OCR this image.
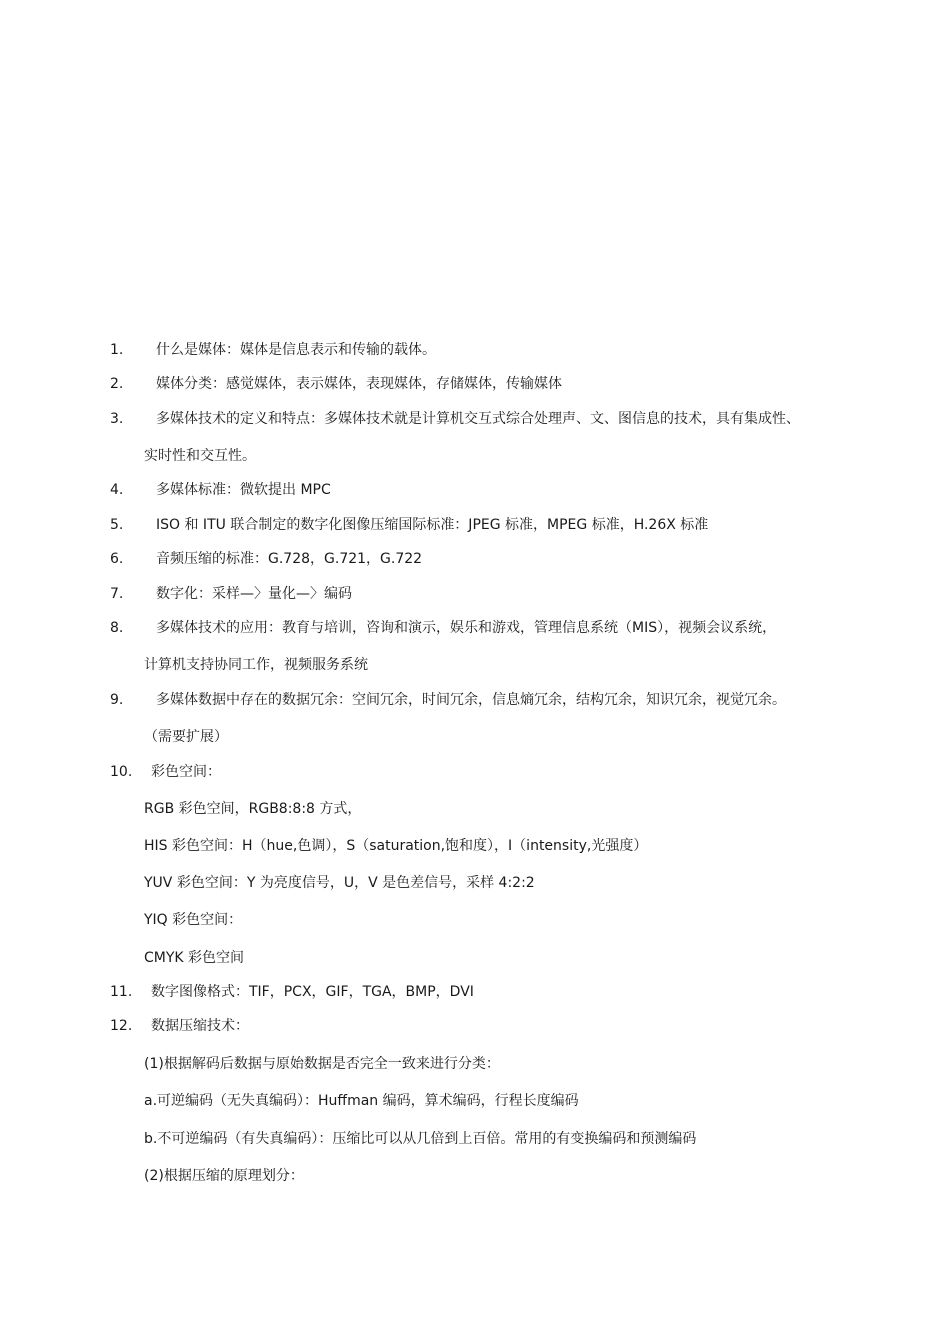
1. 什么是媒体：媒体是信息表示和传输的载体。
2. 媒体分类：感觉媒体，表示媒体，表现媒体，存储媒体，传输媒体
3. 多媒体技术的定义和特点：多媒体技术就是计算机交互式综合处理声、文、图信息的技术，具有集成性、
实时性和交互性。
4. 多媒体标准：微软提出 MPC
5. ISO 和 ITU 联合制定的数字化图像压缩国际标准：JPEG 标准，MPEG 标准，H.26X 标准
6. 音频压缩的标准：G.728，G.721，G.722
7. 数字化：采样—〉量化—〉编码
8. 多媒体技术的应用：教育与培训，咨询和演示，娱乐和游戏，管理信息系统（MIS），视频会议系统，
计算机支持协同工作，视频服务系统
9. 多媒体数据中存在的数据冗余：空间冗余，时间冗余，信息熵冗余，结构冗余，知识冗余，视觉冗余。
（需要扩展）
10. 彩色空间：
RGB 彩色空间，RGB8:8:8 方式，
HIS 彩色空间：H（hue,色调），S（saturation,饱和度），I（intensity,光强度）
YUV 彩色空间：Y 为亮度信号，U，V 是色差信号，采样 4:2:2
YIQ 彩色空间：
CMYK 彩色空间
11. 数字图像格式：TIF，PCX，GIF，TGA，BMP，DVI
12. 数据压缩技术：
(1)根据解码后数据与原始数据是否完全一致来进行分类：
a.可逆编码（无失真编码）：Huffman 编码，算术编码，行程长度编码
b.不可逆编码（有失真编码）：压缩比可以从几倍到上百倍。常用的有变换编码和预测编码
(2)根据压缩的原理划分：
